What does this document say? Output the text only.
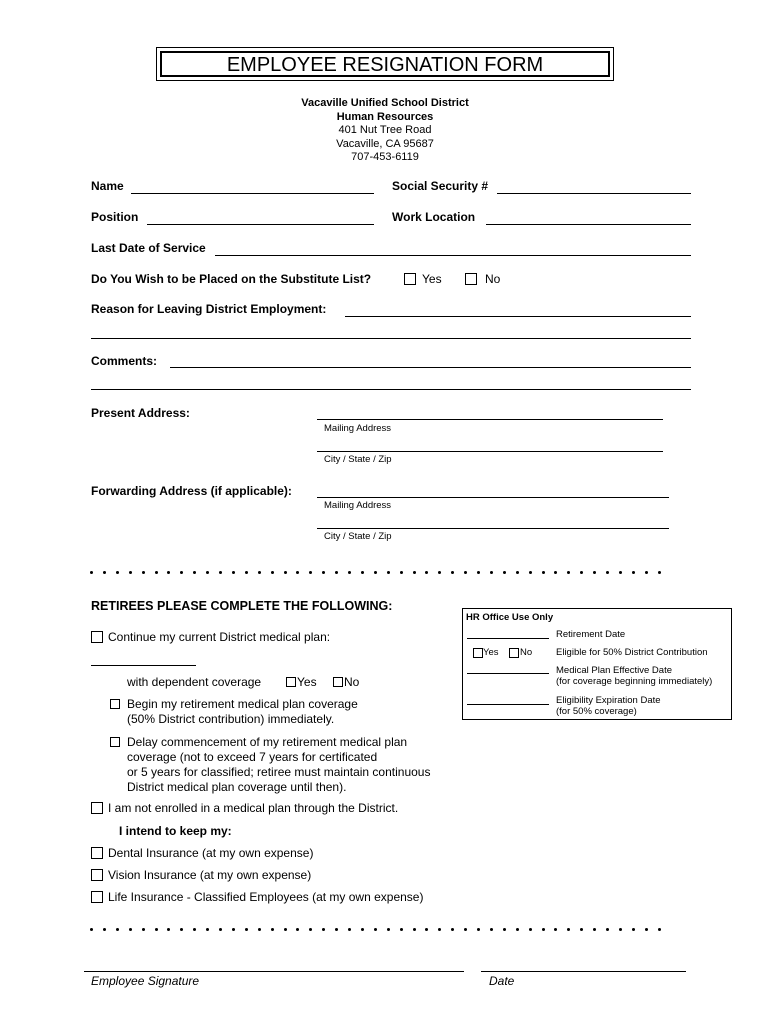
EMPLOYEE RESIGNATION FORM
Vacaville Unified School District
Human Resources
401 Nut Tree Road
Vacaville, CA 95687
707-453-6119
Name	Social Security #
Position	Work Location
Last Date of Service
Do You Wish to be Placed on the Substitute List?	Yes	No
Reason for Leaving District Employment:
Comments:
Present Address:
Mailing Address
City / State / Zip
Forwarding Address (if applicable):
Mailing Address
City / State / Zip
RETIREES PLEASE COMPLETE THE FOLLOWING:
Continue my current District medical plan:
with dependent coverage	Yes No
Begin my retirement medical plan coverage
(50% District contribution) immediately.
Delay commencement of my retirement medical plan
coverage (not to exceed 7 years for certificated
or 5 years for classified; retiree must maintain continuous
District medical plan coverage until then).
I am not enrolled in a medical plan through the District.
I intend to keep my:
Dental Insurance (at my own expense)
Vision Insurance (at my own expense)
Life Insurance - Classified Employees (at my own expense)
HR Office Use Only
Retirement Date
Yes No	Eligible for 50% District Contribution
Medical Plan Effective Date
(for coverage beginning immediately)
Eligibility Expiration Date
(for 50% coverage)
Employee Signature	Date
